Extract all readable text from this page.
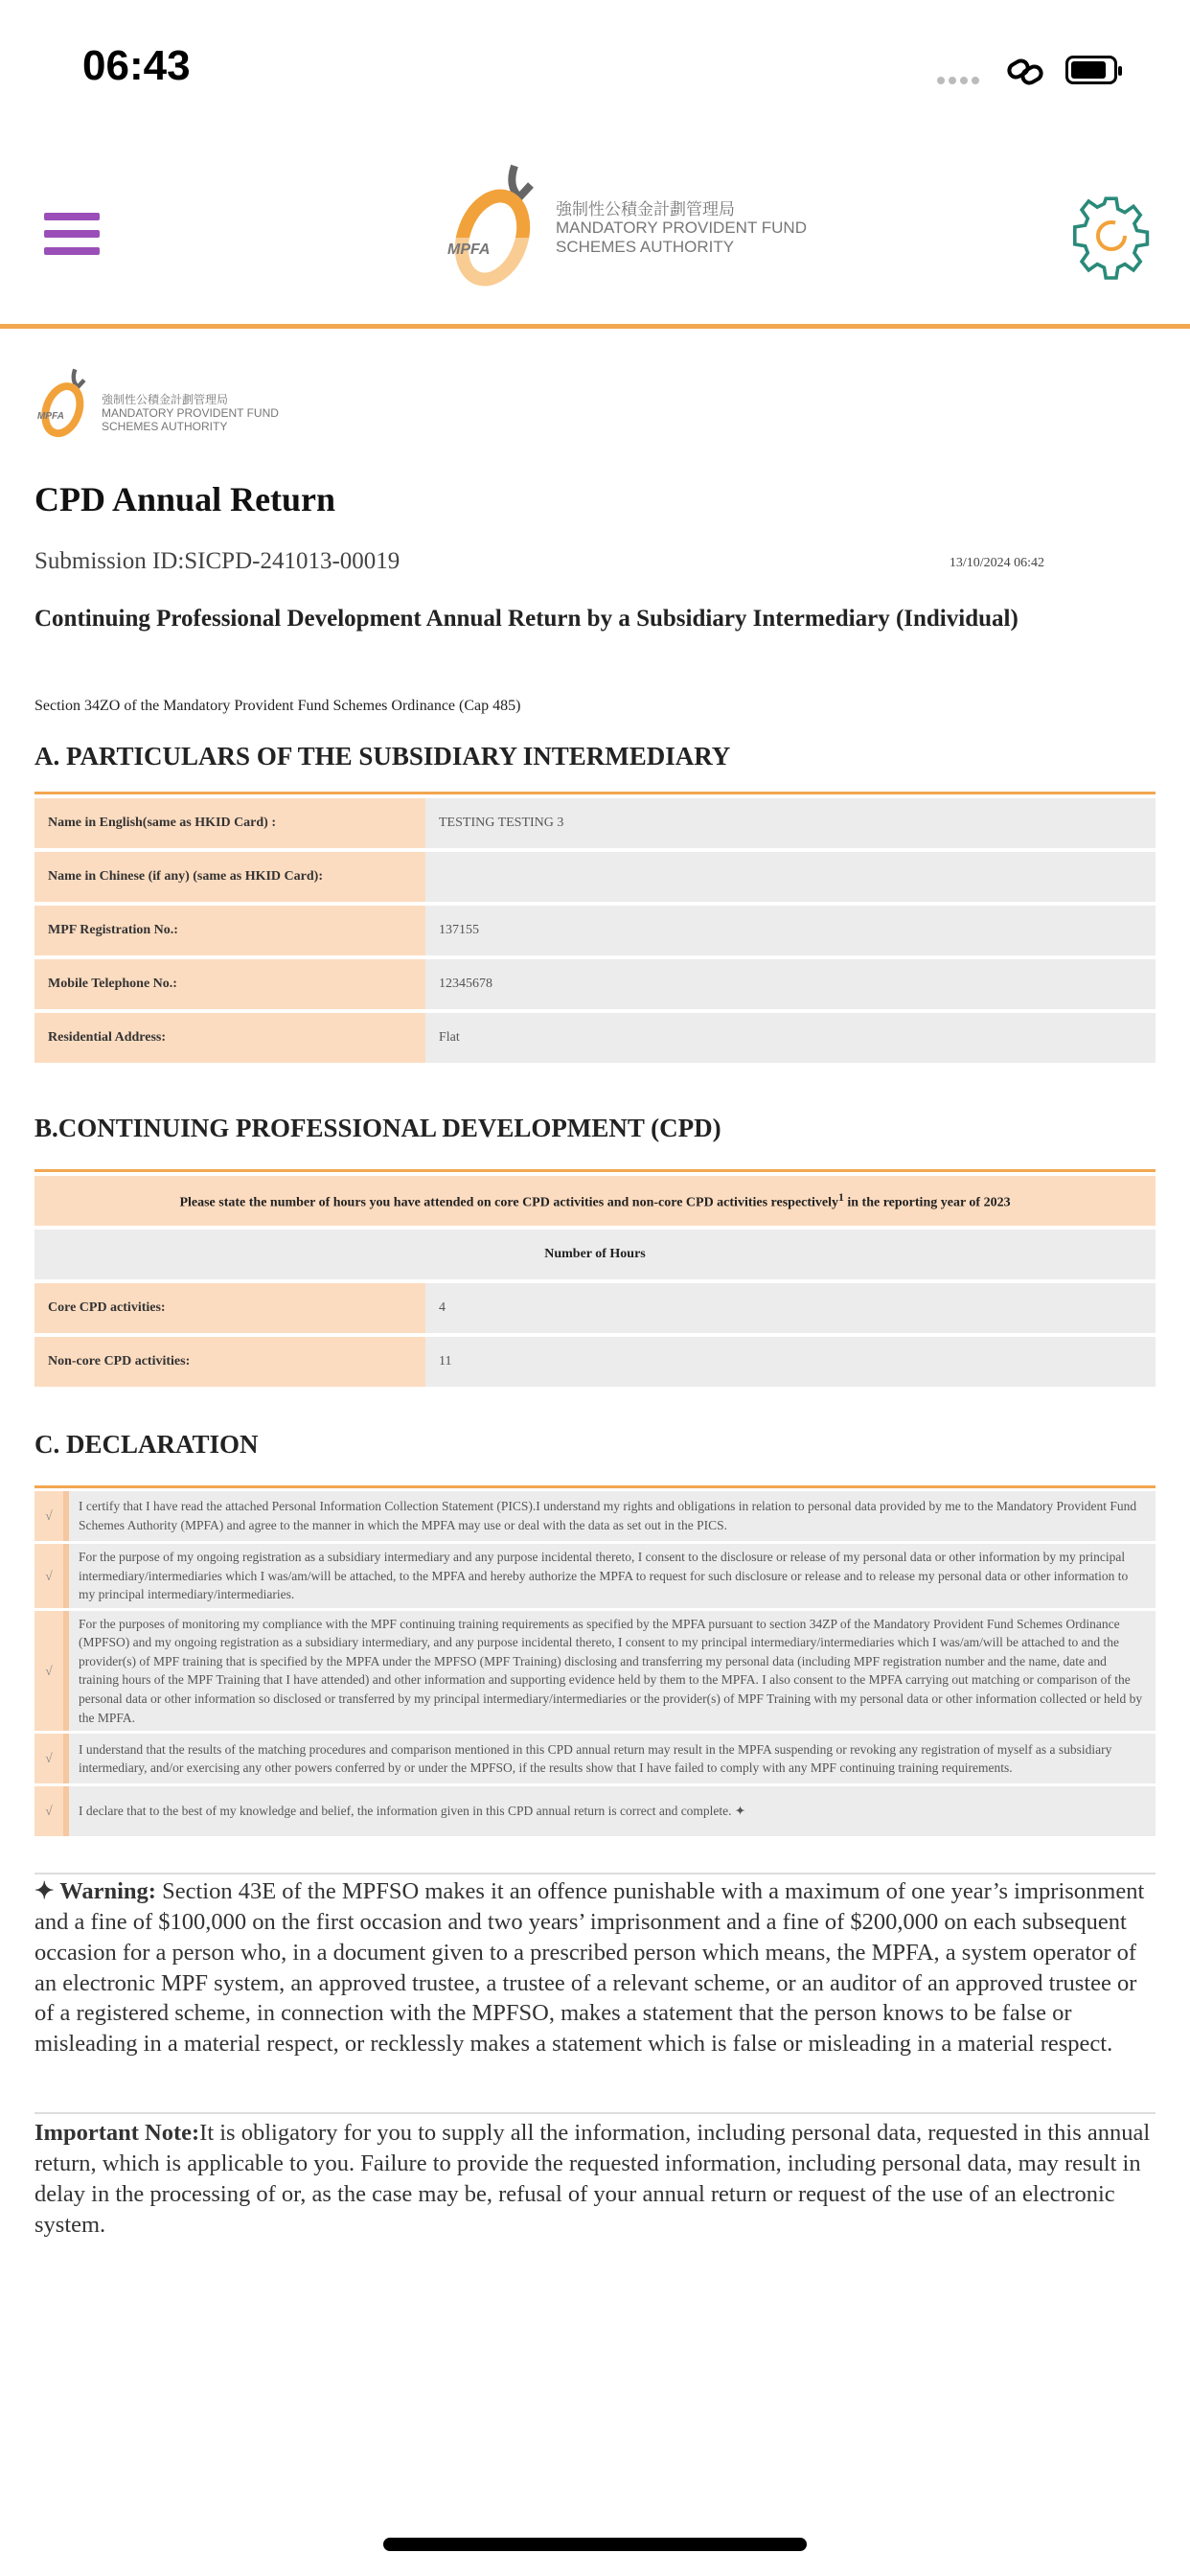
06:43
MPFA
強制性公積金計劃管理局
MANDATORY PROVIDENT FUND
SCHEMES AUTHORITY
MPFA
強制性公積金計劃管理局
MANDATORY PROVIDENT FUND
SCHEMES AUTHORITY
CPD Annual Return
Submission ID:SICPD-241013-00019	13/10/2024 06:42
Continuing Professional Development Annual Return by a Subsidiary Intermediary (Individual)
Section 34ZO of the Mandatory Provident Fund Schemes Ordinance (Cap 485)
A. PARTICULARS OF THE SUBSIDIARY INTERMEDIARY
Name in English(same as HKID Card) :	TESTING TESTING 3
Name in Chinese (if any) (same as HKID Card):	
MPF Registration No.:	137155
Mobile Telephone No.:	12345678
Residential Address:	Flat
B.CONTINUING PROFESSIONAL DEVELOPMENT (CPD)
Please state the number of hours you have attended on core CPD activities and non-core CPD activities respectively$^1$ in the reporting year of 2023	
Number of Hours	
Core CPD activities:	4
Non-core CPD activities:	11
C. DECLARATION
√	I certify that I have read the attached Personal Information Collection Statement (PICS).I understand my rights and obligations in relation to personal data provided by me to the Mandatory Provident Fund Schemes Authority (MPFA) and agree to the manner in which the MPFA may use or deal with the data as set out in the PICS.
√	For the purpose of my ongoing registration as a subsidiary intermediary and any purpose incidental thereto, I consent to the disclosure or release of my personal data or other information by my principal intermediary/intermediaries which I was/am/will be attached, to the MPFA and hereby authorize the MPFA to request for such disclosure or release and to release my personal data or other information to my principal intermediary/intermediaries.
√	For the purposes of monitoring my compliance with the MPF continuing training requirements as specified by the MPFA pursuant to section 34ZP of the Mandatory Provident Fund Schemes Ordinance (MPFSO) and my ongoing registration as a subsidiary intermediary, and any purpose incidental thereto, I consent to my principal intermediary/intermediaries which I was/am/will be attached to and the provider(s) of MPF training that is specified by the MPFA under the MPFSO (MPF Training) disclosing and transferring my personal data (including MPF registration number and the name, date and training hours of the MPF Training that I have attended) and other information and supporting evidence held by them to the MPFA. I also consent to the MPFA carrying out matching or comparison of the personal data or other information so disclosed or transferred by my principal intermediary/intermediaries or the provider(s) of MPF Training with my personal data or other information collected or held by the MPFA.
√	I understand that the results of the matching procedures and comparison mentioned in this CPD annual return may result in the MPFA suspending or revoking any registration of myself as a subsidiary intermediary, and/or exercising any other powers conferred by or under the MPFSO, if the results show that I have failed to comply with any MPF continuing training requirements.
√	I declare that to the best of my knowledge and belief, the information given in this CPD annual return is correct and complete. ✦
✦ Warning: Section 43E of the MPFSO makes it an offence punishable with a maximum of one year’s imprisonment and a fine of $100,000 on the first occasion and two years’ imprisonment and a fine of $200,000 on each subsequent occasion for a person who, in a document given to a prescribed person which means, the MPFA, a system operator of an electronic MPF system, an approved trustee, a trustee of a relevant scheme, or an auditor of an approved trustee or of a registered scheme, in connection with the MPFSO, makes a statement that the person knows to be false or misleading in a material respect, or recklessly makes a statement which is false or misleading in a material respect.
Important Note:It is obligatory for you to supply all the information, including personal data, requested in this annual return, which is applicable to you. Failure to provide the requested information, including personal data, may result in delay in the processing of or, as the case may be, refusal of your annual return or request of the use of an electronic system.
